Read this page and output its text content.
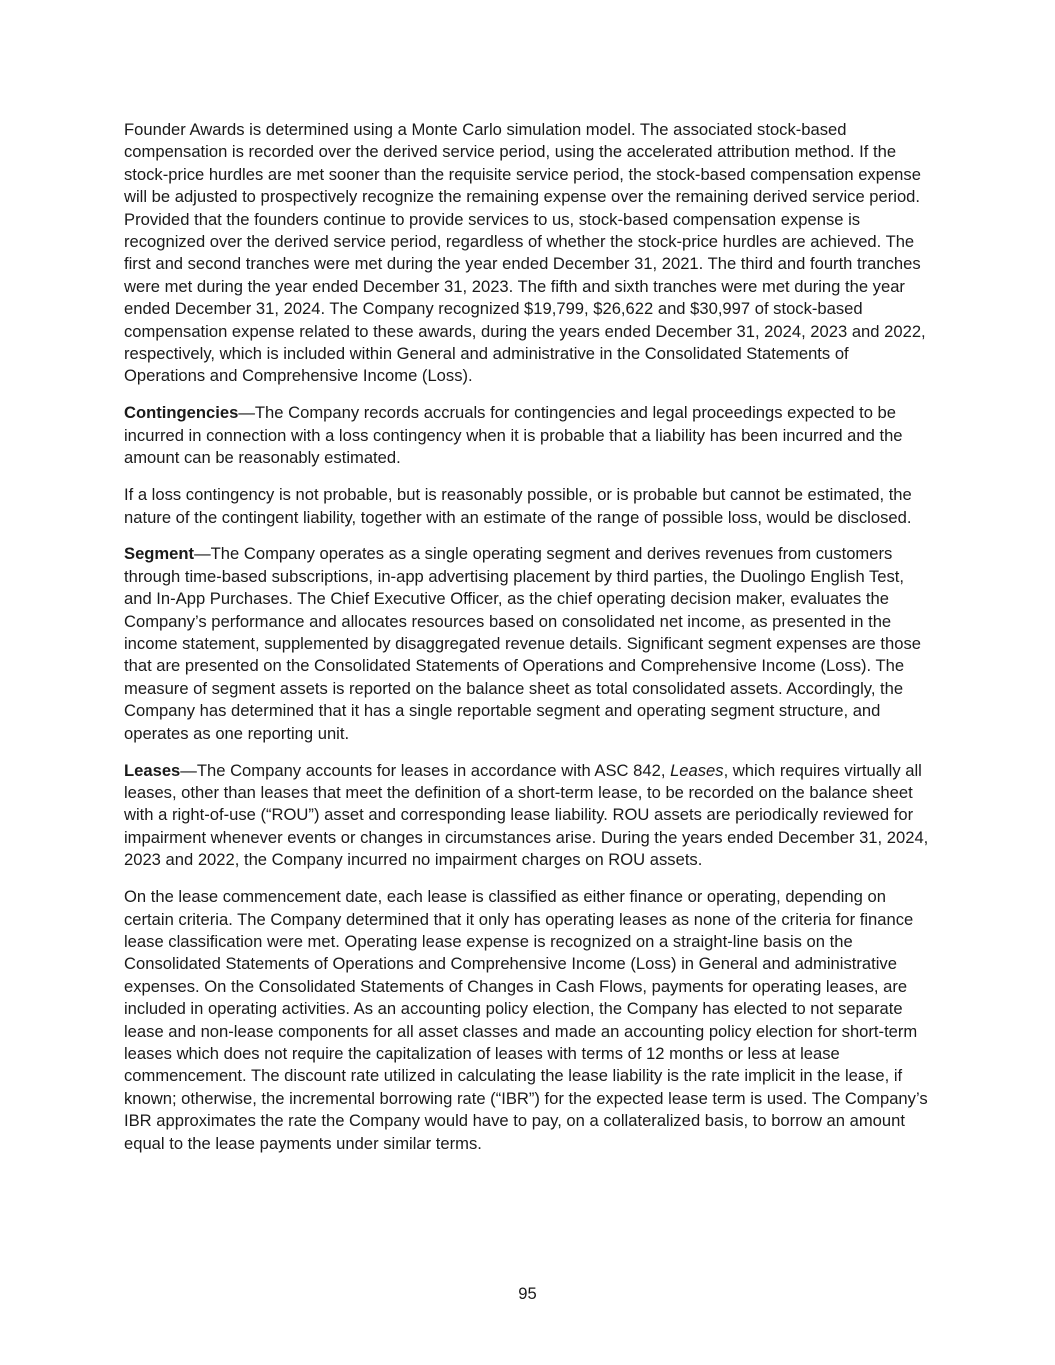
Founder Awards is determined using a Monte Carlo simulation model. The associated stock-based compensation is recorded over the derived service period, using the accelerated attribution method. If the stock-price hurdles are met sooner than the requisite service period, the stock-based compensation expense will be adjusted to prospectively recognize the remaining expense over the remaining derived service period. Provided that the founders continue to provide services to us, stock-based compensation expense is recognized over the derived service period, regardless of whether the stock-price hurdles are achieved. The first and second tranches were met during the year ended December 31, 2021. The third and fourth tranches were met during the year ended December 31, 2023. The fifth and sixth tranches were met during the year ended December 31, 2024. The Company recognized $19,799, $26,622 and $30,997 of stock-based compensation expense related to these awards, during the years ended December 31, 2024, 2023 and 2022, respectively, which is included within General and administrative in the Consolidated Statements of Operations and Comprehensive Income (Loss).

Contingencies—The Company records accruals for contingencies and legal proceedings expected to be incurred in connection with a loss contingency when it is probable that a liability has been incurred and the amount can be reasonably estimated.

If a loss contingency is not probable, but is reasonably possible, or is probable but cannot be estimated, the nature of the contingent liability, together with an estimate of the range of possible loss, would be disclosed.

Segment—The Company operates as a single operating segment and derives revenues from customers through time-based subscriptions, in-app advertising placement by third parties, the Duolingo English Test, and In-App Purchases. The Chief Executive Officer, as the chief operating decision maker, evaluates the Company’s performance and allocates resources based on consolidated net income, as presented in the income statement, supplemented by disaggregated revenue details. Significant segment expenses are those that are presented on the Consolidated Statements of Operations and Comprehensive Income (Loss). The measure of segment assets is reported on the balance sheet as total consolidated assets. Accordingly, the Company has determined that it has a single reportable segment and operating segment structure, and operates as one reporting unit.

Leases—The Company accounts for leases in accordance with ASC 842, Leases, which requires virtually all leases, other than leases that meet the definition of a short-term lease, to be recorded on the balance sheet with a right-of-use (“ROU”) asset and corresponding lease liability. ROU assets are periodically reviewed for impairment whenever events or changes in circumstances arise. During the years ended December 31, 2024, 2023 and 2022, the Company incurred no impairment charges on ROU assets.

On the lease commencement date, each lease is classified as either finance or operating, depending on certain criteria. The Company determined that it only has operating leases as none of the criteria for finance lease classification were met. Operating lease expense is recognized on a straight-line basis on the Consolidated Statements of Operations and Comprehensive Income (Loss) in General and administrative expenses. On the Consolidated Statements of Changes in Cash Flows, payments for operating leases, are included in operating activities. As an accounting policy election, the Company has elected to not separate lease and non-lease components for all asset classes and made an accounting policy election for short-term leases which does not require the capitalization of leases with terms of 12 months or less at lease commencement. The discount rate utilized in calculating the lease liability is the rate implicit in the lease, if known; otherwise, the incremental borrowing rate (“IBR”) for the expected lease term is used. The Company’s IBR approximates the rate the Company would have to pay, on a collateralized basis, to borrow an amount equal to the lease payments under similar terms.

95
